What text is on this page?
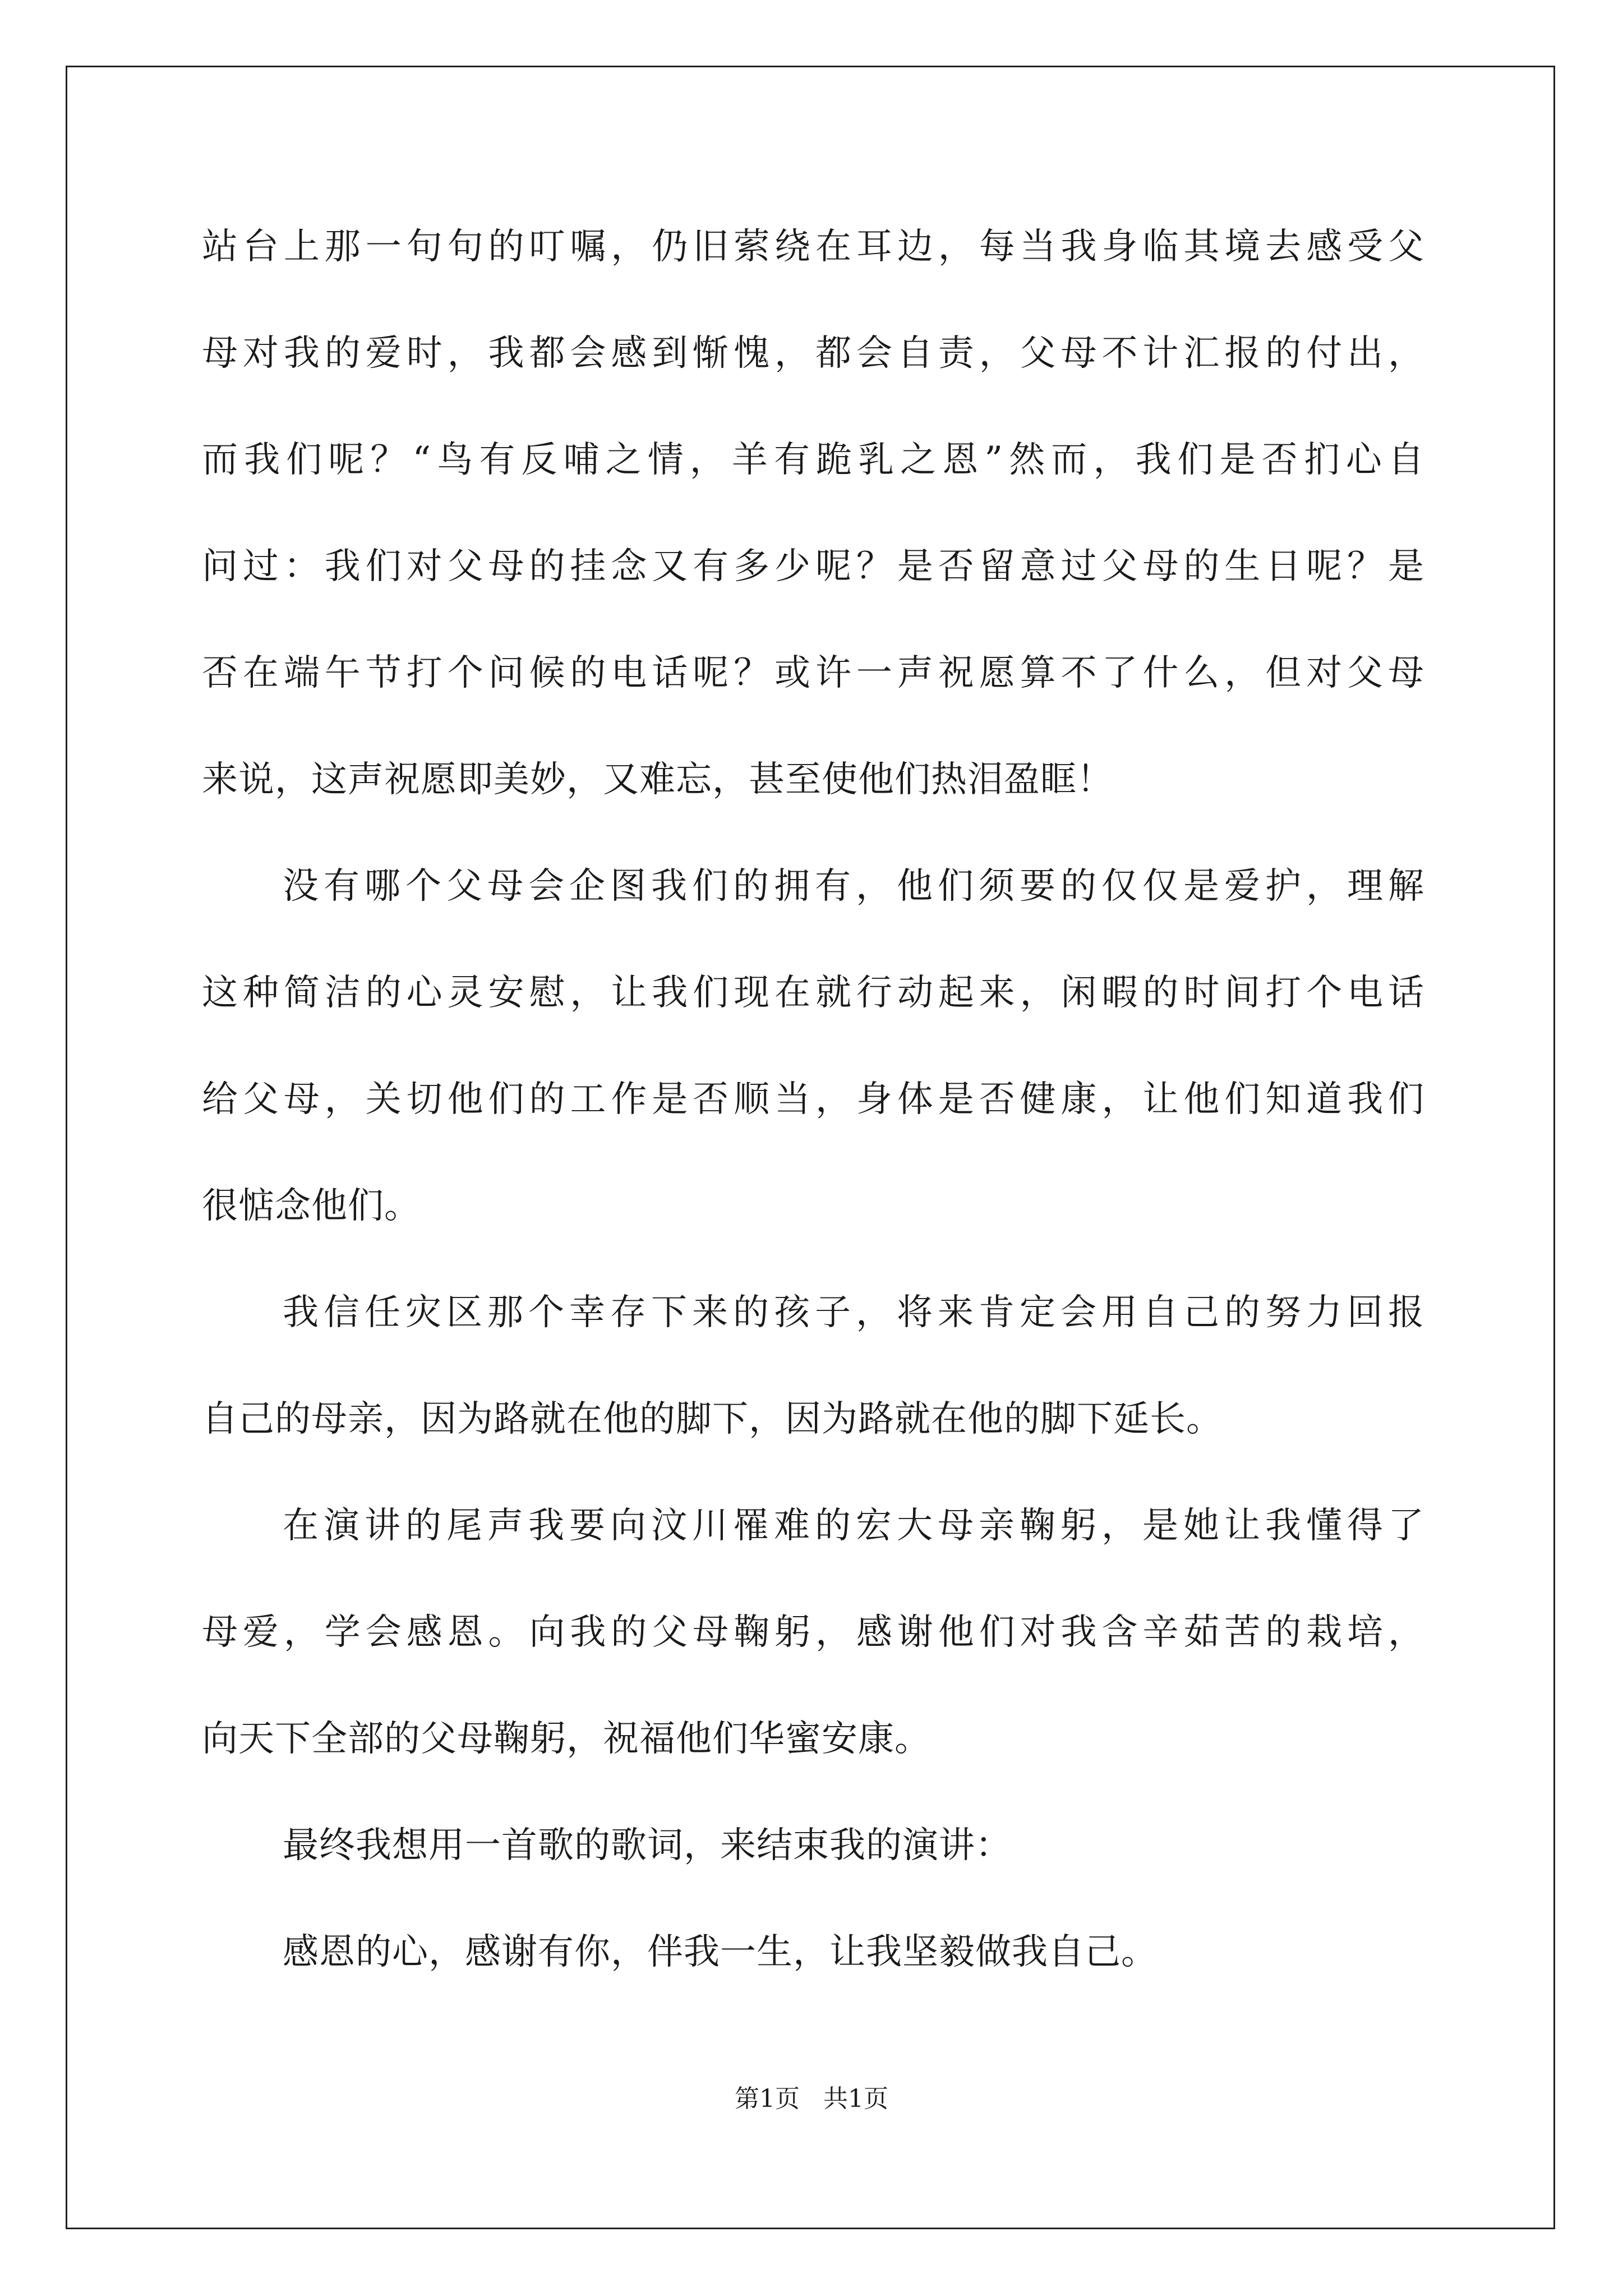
站台上那一句句的叮嘱，仍旧萦绕在耳边，每当我身临其境去感受父
母对我的爱时，我都会感到惭愧，都会自责，父母不计汇报的付出，
而我们呢？“鸟有反哺之情，羊有跪乳之恩”然而，我们是否扪心自
问过：我们对父母的挂念又有多少呢？是否留意过父母的生日呢？是
否在端午节打个问候的电话呢？或许一声祝愿算不了什么，但对父母
来说，这声祝愿即美妙，又难忘，甚至使他们热泪盈眶！
没有哪个父母会企图我们的拥有，他们须要的仅仅是爱护，理解
这种简洁的心灵安慰，让我们现在就行动起来，闲暇的时间打个电话
给父母，关切他们的工作是否顺当，身体是否健康，让他们知道我们
很惦念他们。
我信任灾区那个幸存下来的孩子，将来肯定会用自己的努力回报
自己的母亲，因为路就在他的脚下，因为路就在他的脚下延长。
在演讲的尾声我要向汶川罹难的宏大母亲鞠躬，是她让我懂得了
母爱，学会感恩。向我的父母鞠躬，感谢他们对我含辛茹苦的栽培，
向天下全部的父母鞠躬，祝福他们华蜜安康。
最终我想用一首歌的歌词，来结束我的演讲：
感恩的心，感谢有你，伴我一生，让我坚毅做我自己。
第1页 共1页
